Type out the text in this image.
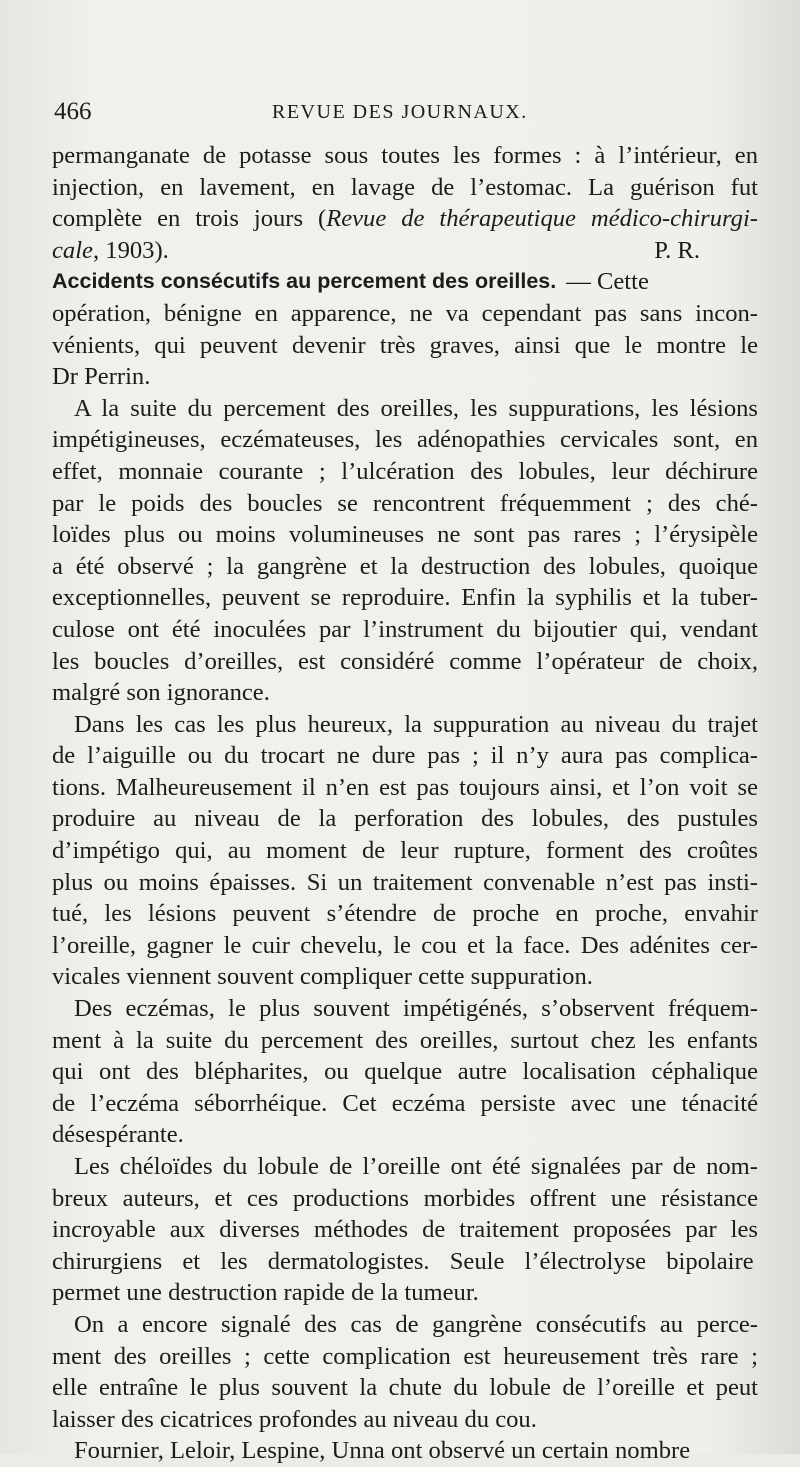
466	REVUE DES JOURNAUX.
permanganate de potasse sous toutes les formes : à l’intérieur, en
injection, en lavement, en lavage de l’estomac. La guérison fut
complète en trois jours ( Revue de thérapeutique médico-chirurgi-
cale , 1903).	P. R.
Accidents consécutifs au percement des oreilles. — Cette
opération, bénigne en apparence, ne va cependant pas sans incon-
vénients, qui peuvent devenir très graves, ainsi que le montre le
Dr Perrin.
A la suite du percement des oreilles, les suppurations, les lésions
impétigineuses, eczémateuses, les adénopathies cervicales sont, en
effet, monnaie courante ; l’ulcération des lobules, leur déchirure
par le poids des boucles se rencontrent fréquemment ; des ché-
loïdes plus ou moins volumineuses ne sont pas rares ; l’érysipèle
a été observé ; la gangrène et la destruction des lobules, quoique
exceptionnelles, peuvent se reproduire. Enfin la syphilis et la tuber-
culose ont été inoculées par l’instrument du bijoutier qui, vendant
les boucles d’oreilles, est considéré comme l’opérateur de choix,
malgré son ignorance.
Dans les cas les plus heureux, la suppuration au niveau du trajet
de l’aiguille ou du trocart ne dure pas ; il n’y aura pas complica-
tions. Malheureusement il n’en est pas toujours ainsi, et l’on voit se
produire au niveau de la perforation des lobules, des pustules
d’impétigo qui, au moment de leur rupture, forment des croûtes
plus ou moins épaisses. Si un traitement convenable n’est pas insti-
tué, les lésions peuvent s’étendre de proche en proche, envahir
l’oreille, gagner le cuir chevelu, le cou et la face. Des adénites cer-
vicales viennent souvent compliquer cette suppuration.
Des eczémas, le plus souvent impétigénés, s’observent fréquem-
ment à la suite du percement des oreilles, surtout chez les enfants
qui ont des blépharites, ou quelque autre localisation céphalique
de l’eczéma séborrhéique. Cet eczéma persiste avec une ténacité
désespérante.
Les chéloïdes du lobule de l’oreille ont été signalées par de nom-
breux auteurs, et ces productions morbides offrent une résistance
incroyable aux diverses méthodes de traitement proposées par les
chirurgiens et les dermatologistes. Seule l’électrolyse bipolaire
permet une destruction rapide de la tumeur.
On a encore signalé des cas de gangrène consécutifs au perce-
ment des oreilles ; cette complication est heureusement très rare ;
elle entraîne le plus souvent la chute du lobule de l’oreille et peut
laisser des cicatrices profondes au niveau du cou.
Fournier, Leloir, Lespine, Unna ont observé un certain nombre
